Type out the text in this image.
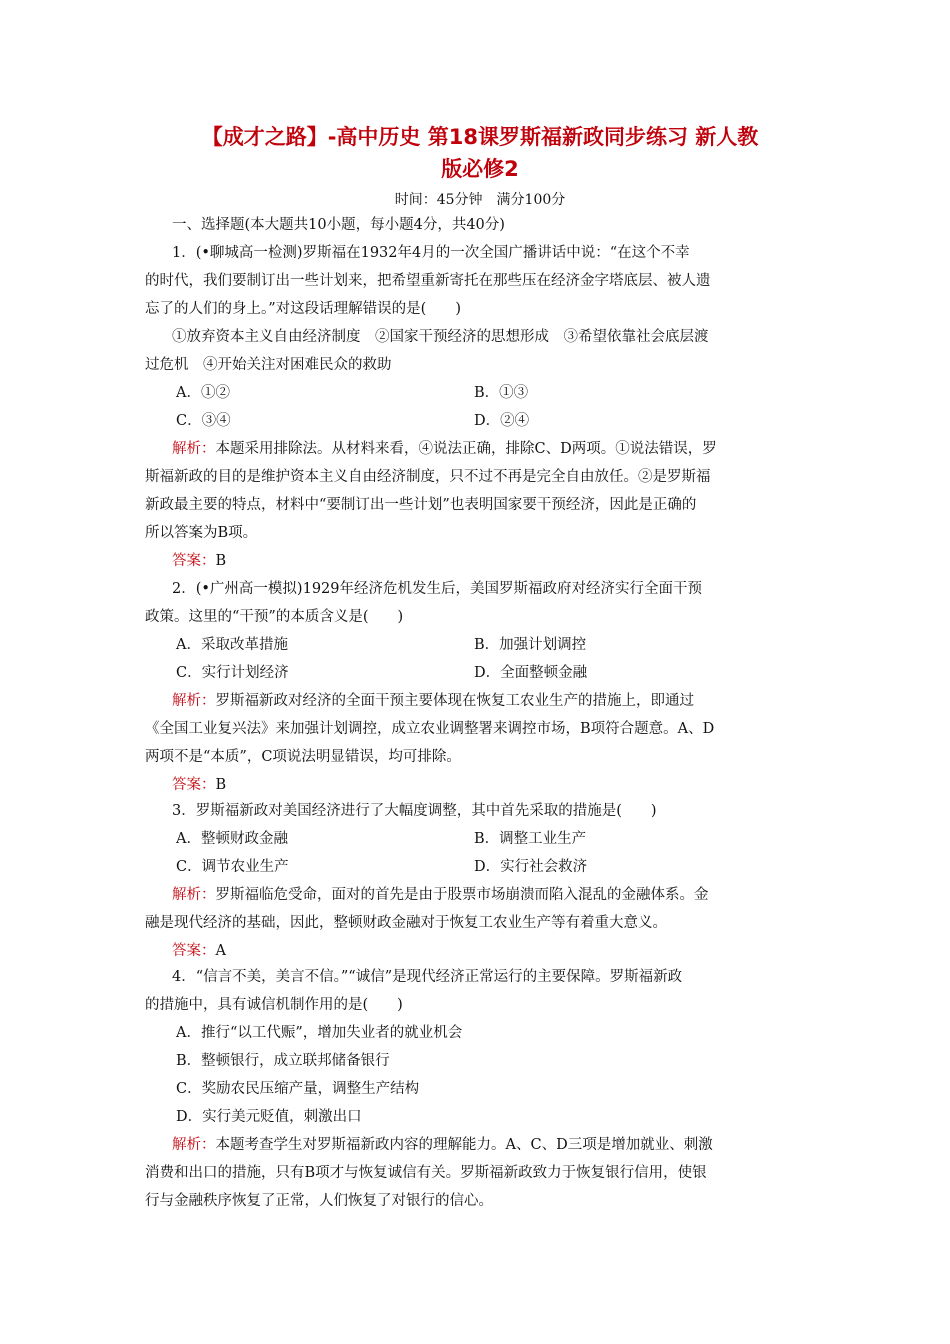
【成才之路】-高中历史 第18课罗斯福新政同步练习 新人教
版必修2
时间：45分钟 满分100分
一、选择题(本大题共10小题，每小题4分，共40分)
1．(•聊城高一检测)罗斯福在1932年4月的一次全国广播讲话中说：“在这个不幸
的时代，我们要制订出一些计划来，把希望重新寄托在那些压在经济金字塔底层、被人遗
忘了的人们的身上。”对这段话理解错误的是(　　)
①放弃资本主义自由经济制度　②国家干预经济的思想形成　③希望依靠社会底层渡
过危机　④开始关注对困难民众的救助
A．①②	B．①③
C．③④	D．②④
解析：本题采用排除法。从材料来看，④说法正确，排除C、D两项。①说法错误，罗
斯福新政的目的是维护资本主义自由经济制度，只不过不再是完全自由放任。②是罗斯福
新政最主要的特点，材料中“要制订出一些计划”也表明国家要干预经济，因此是正确的
所以答案为B项。
答案：B
2．(•广州高一模拟)1929年经济危机发生后，美国罗斯福政府对经济实行全面干预
政策。这里的“干预”的本质含义是(　　)
A．采取改革措施	B．加强计划调控
C．实行计划经济	D．全面整顿金融
解析：罗斯福新政对经济的全面干预主要体现在恢复工农业生产的措施上，即通过
《全国工业复兴法》来加强计划调控，成立农业调整署来调控市场，B项符合题意。A、D
两项不是“本质”，C项说法明显错误，均可排除。
答案：B
3．罗斯福新政对美国经济进行了大幅度调整，其中首先采取的措施是(　　)
A．整顿财政金融	B．调整工业生产
C．调节农业生产	D．实行社会救济
解析：罗斯福临危受命，面对的首先是由于股票市场崩溃而陷入混乱的金融体系。金
融是现代经济的基础，因此，整顿财政金融对于恢复工农业生产等有着重大意义。
答案：A
4．“信言不美，美言不信。”“诚信”是现代经济正常运行的主要保障。罗斯福新政
的措施中，具有诚信机制作用的是(　　)
A．推行“以工代赈”，增加失业者的就业机会
B．整顿银行，成立联邦储备银行
C．奖励农民压缩产量，调整生产结构
D．实行美元贬值，刺激出口
解析：本题考查学生对罗斯福新政内容的理解能力。A、C、D三项是增加就业、刺激
消费和出口的措施，只有B项才与恢复诚信有关。罗斯福新政致力于恢复银行信用，使银
行与金融秩序恢复了正常，人们恢复了对银行的信心。
